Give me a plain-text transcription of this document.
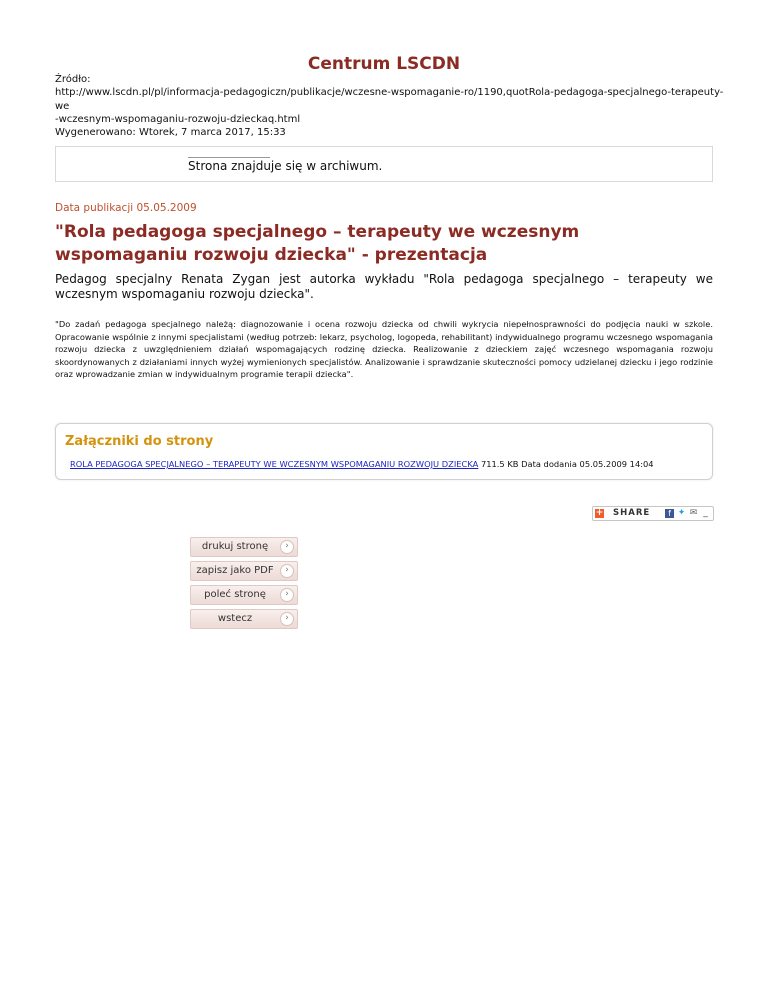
Centrum LSCDN
Źródło:
http://www.lscdn.pl/pl/informacja-pedagogiczn/publikacje/wczesne-wspomaganie-ro/1190,quotRola-pedagoga-specjalnego-terapeuty-we
-wczesnym-wspomaganiu-rozwoju-dzieckaq.html
Wygenerowano: Wtorek, 7 marca 2017, 15:33
Strona znajduje się w archiwum.
Data publikacji 05.05.2009
"Rola pedagoga specjalnego – terapeuty we wczesnym wspomaganiu rozwoju dziecka" - prezentacja
Pedagog specjalny Renata Zygan jest autorka wykładu "Rola pedagoga specjalnego – terapeuty we wczesnym wspomaganiu rozwoju dziecka".
"Do zadań pedagoga specjalnego należą: diagnozowanie i ocena rozwoju dziecka od chwili wykrycia niepełnosprawności do podjęcia nauki w szkole. Opracowanie wspólnie z innymi specjalistami (według potrzeb: lekarz, psycholog, logopeda, rehabilitant) indywidualnego programu wczesnego wspomagania rozwoju dziecka z uwzględnieniem działań wspomagających rodzinę dziecka. Realizowanie z dzieckiem zajęć wczesnego wspomagania rozwoju skoordynowanych z działaniami innych wyżej wymienionych specjalistów. Analizowanie i sprawdzanie skuteczności pomocy udzielanej dziecku i jego rodzinie oraz wprowadzanie zmian w indywidualnym programie terapii dziecka".
Załączniki do strony
ROLA PEDAGOGA SPECJALNEGO – TERAPEUTY WE WCZESNYM WSPOMAGANIU ROZWOJU DZIECKA 711.5 KB Data dodania 05.05.2009 14:04
+ SHARE	f ✦ ✉ _
drukuj stronę	›
zapisz jako PDF	›
poleć stronę	›
wstecz	›
